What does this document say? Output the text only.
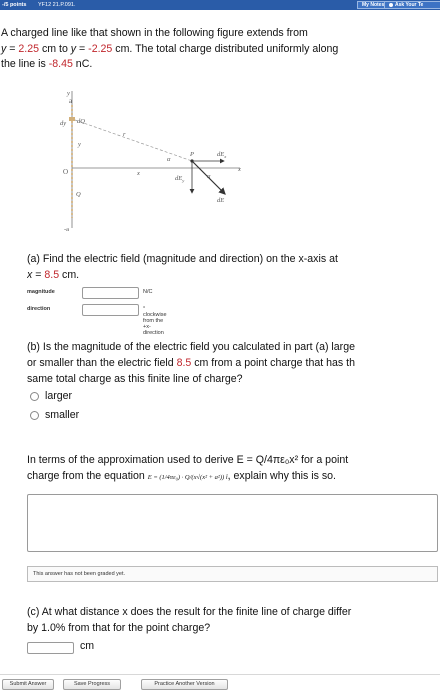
-/5 points YF12 21.P.091.	My Notes	Ask Your Te
A charged line like that shown in the following figure extends from
y = 2.25 cm to y = -2.25 cm. The total charge distributed uniformly along
the line is -8.45 nC.
a
dy dQ
y
O
y
Q
-a
r
α
P	$dE_x$
x
x
$dE_y$
α
dE
(a) Find the electric field (magnitude and direction) on the x-axis at
x = 8.5 cm.
magnitude	N/C
direction	° clockwise from the +x-direction
(b) Is the magnitude of the electric field you calculated in part (a) large
or smaller than the electric field 8.5 cm from a point charge that has th
same total charge as this finite line of charge?
larger
smaller
In terms of the approximation used to derive E = Q/4πε₀x² for a point
charge from the equation E = (1/4πε₀) · Q/(x√(x² + a²)) î, explain why this is so.
This answer has not been graded yet.
(c) At what distance x does the result for the finite line of charge differ
by 1.0% from that for the point charge?
cm
Submit Answer	Save Progress	Practice Another Version
